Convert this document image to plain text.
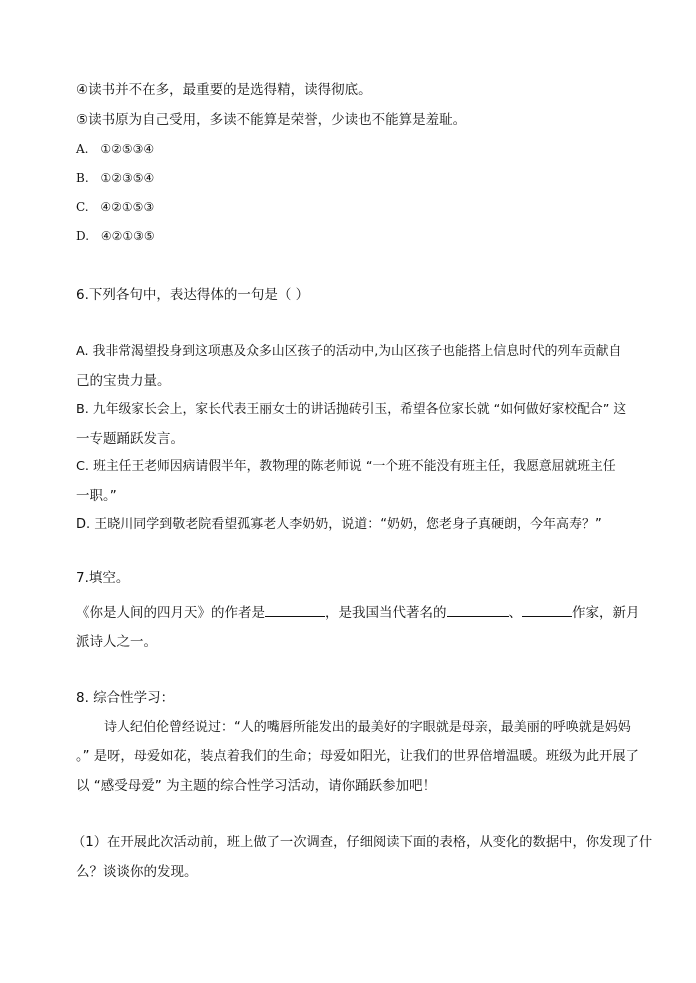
④读书并不在多，最重要的是选得精，读得彻底。
⑤读书原为自己受用，多读不能算是荣誉，少读也不能算是羞耻。
A. ①②⑤③④
B. ①②③⑤④
C. ④②①⑤③
D. ④②①③⑤
6.下列各句中，表达得体的一句是（ ）
A. 我非常渴望投身到这项惠及众多山区孩子的活动中,为山区孩子也能搭上信息时代的列车贡献自
己的宝贵力量。
B. 九年级家长会上，家长代表王丽女士的讲话抛砖引玉，希望各位家长就 “如何做好家校配合” 这
一专题踊跃发言。
C. 班主任王老师因病请假半年，教物理的陈老师说 “一个班不能没有班主任，我愿意屈就班主任
一职。”
D. 王晓川同学到敬老院看望孤寡老人李奶奶，说道：“奶奶，您老身子真硬朗，今年高寿？”
7.填空。
《你是人间的四月天》的作者是	，是我国当代著名的	、	作家，新月
派诗人之一。
8. 综合性学习：
诗人纪伯伦曾经说过：“人的嘴唇所能发出的最美好的字眼就是母亲，最美丽的呼唤就是妈妈
。” 是呀，母爱如花，装点着我们的生命；母爱如阳光，让我们的世界倍增温暖。班级为此开展了
以 “感受母爱” 为主题的综合性学习活动，请你踊跃参加吧！
（1）在开展此次活动前，班上做了一次调查，仔细阅读下面的表格，从变化的数据中，你发现了什
么？谈谈你的发现。
